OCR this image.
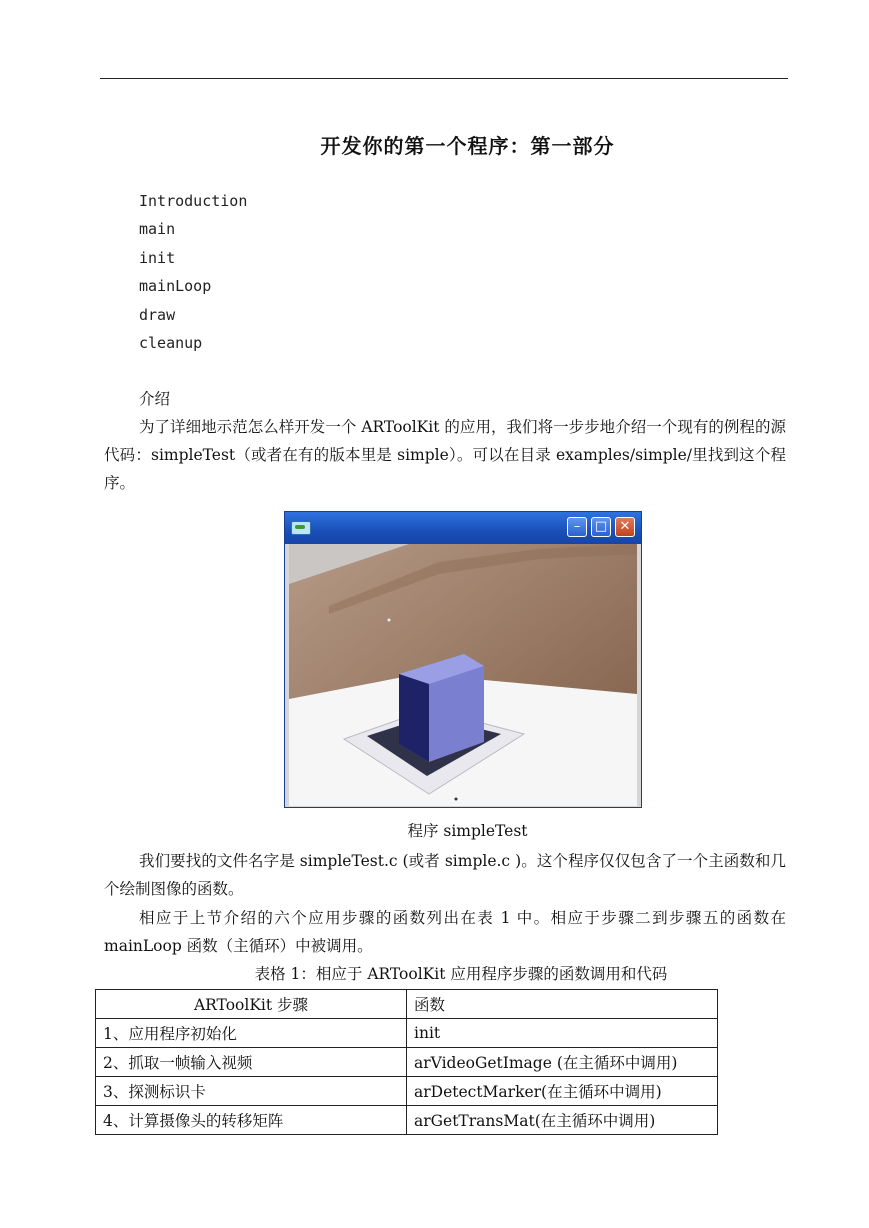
开发你的第一个程序：第一部分
Introduction
main
init
mainLoop
draw
cleanup
介绍

为了详细地示范怎么样开发一个 ARToolKit 的应用，我们将一步步地介绍一个现有的例程的源代码：simpleTest（或者在有的版本里是 simple）。可以在目录 examples/simple/里找到这个程序。

–	□ ✕
程序 simpleTest

我们要找的文件名字是 simpleTest.c (或者 simple.c )。这个程序仅仅包含了一个主函数和几个绘制图像的函数。

相应于上节介绍的六个应用步骤的函数列出在表 1 中。相应于步骤二到步骤五的函数在 mainLoop 函数（主循环）中被调用。

表格 1：相应于 ARToolKit 应用程序步骤的函数调用和代码
ARToolKit 步骤	函数
1、应用程序初始化	init
2、抓取一帧输入视频	arVideoGetImage (在主循环中调用)
3、探测标识卡	arDetectMarker(在主循环中调用)
4、计算摄像头的转移矩阵	arGetTransMat(在主循环中调用)
